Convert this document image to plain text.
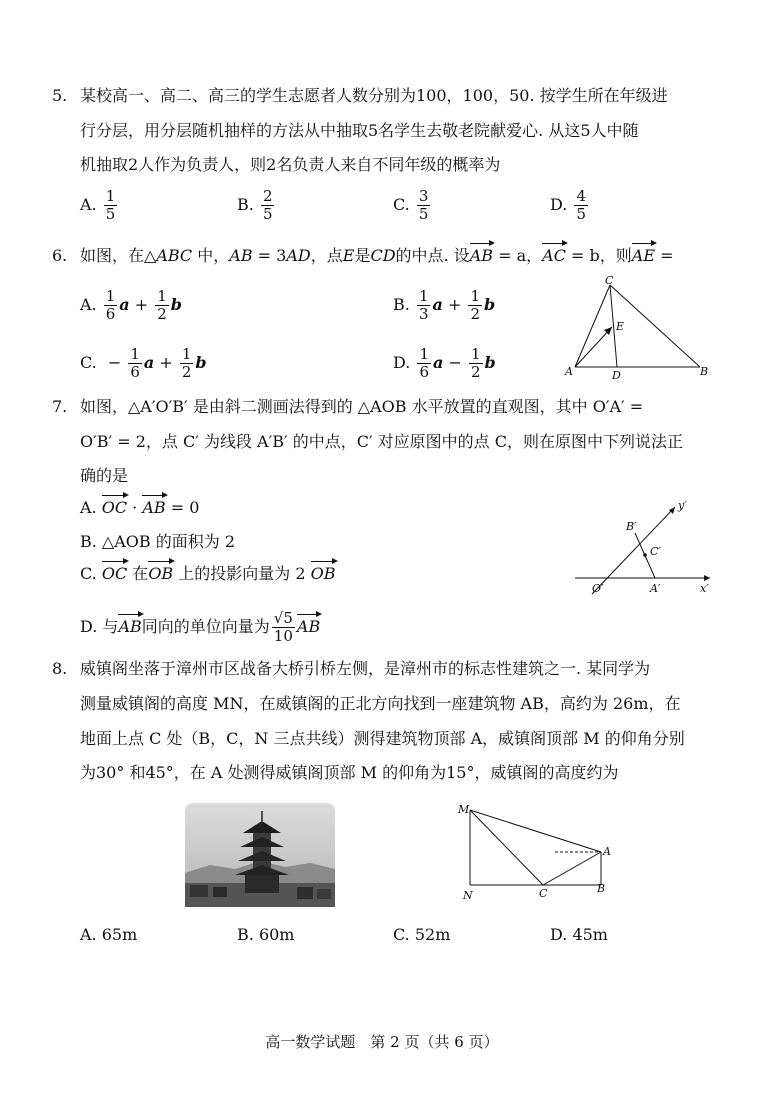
5. 某校高一、高二、高三的学生志愿者人数分别为100，100，50. 按学生所在年级进
行分层，用分层随机抽样的方法从中抽取5名学生去敬老院献爱心. 从这5人中随
机抽取2人作为负责人，则2名负责人来自不同年级的概率为
A. $\frac{1}{5}$	B. $\frac{2}{5}$	C. $\frac{3}{5}$	D. $\frac{4}{5}$
6. 如图，在△ABC 中，AB = 3AD，点E是CD的中点. 设AB = a，AC = b，则AE =
A. $\frac{1}{6}$ $a + \frac{1}{2}$ b	B. $\frac{1}{3}$ $a + \frac{1}{2}$ b
C. − $\frac{1}{6}$ $a + \frac{1}{2}$ b	D. $\frac{1}{6}$ $a - \frac{1}{2}$ b
C
E
A	D	B
7. 如图，△A′O′B′ 是由斜二测画法得到的 △AOB 水平放置的直观图，其中 O′A′ =
O′B′ = 2，点 C′ 为线段 A′B′ 的中点，C′ 对应原图中的点 C，则在原图中下列说法正
确的是
A. OC · AB = 0
B. △AOB 的面积为 2
C. OC 在OB 上的投影向量为 2 OB
D. 与AB同向的单位向量为 $\frac{√5}{10}$ AB
y′
B′
C′
O′	A′	x′
8. 威镇阁坐落于漳州市区战备大桥引桥左侧，是漳州市的标志性建筑之一. 某同学为
测量威镇阁的高度 MN，在威镇阁的正北方向找到一座建筑物 AB，高约为 26m，在
地面上点 C 处（B，C，N 三点共线）测得建筑物顶部 A，威镇阁顶部 M 的仰角分别
为30° 和45°，在 A 处测得威镇阁顶部 M 的仰角为15°，威镇阁的高度约为
M
A
N	C	B
A. 65m	B. 60m	C. 52m	D. 45m
高一数学试题　第 2 页（共 6 页）
